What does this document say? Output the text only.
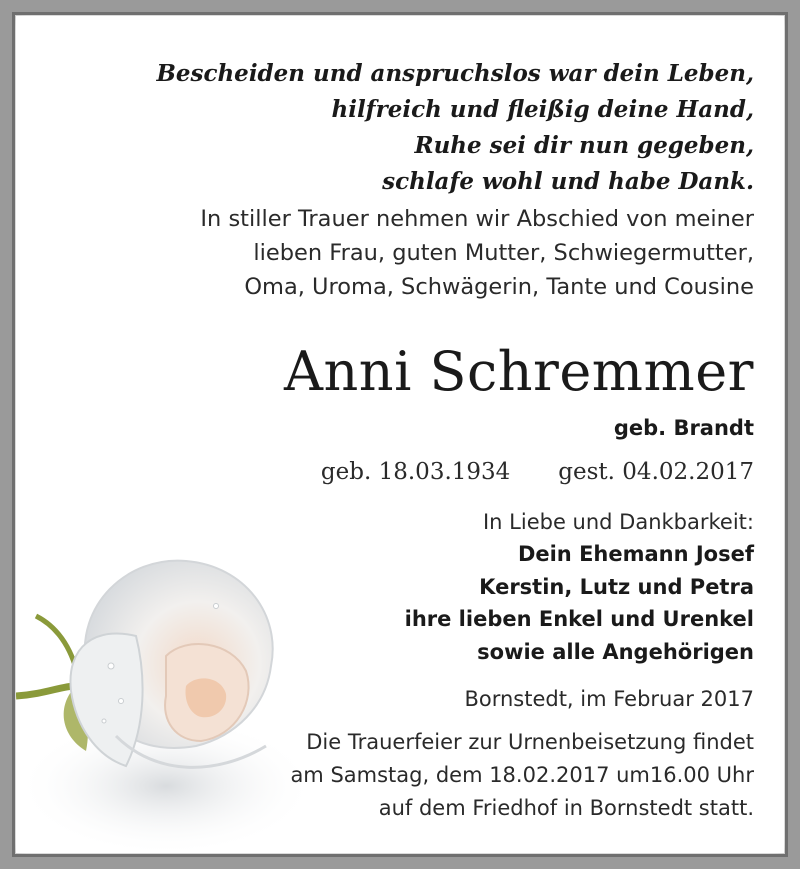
Bescheiden und anspruchslos war dein Leben,
hilfreich und fleißig deine Hand,
Ruhe sei dir nun gegeben,
schlafe wohl und habe Dank.
In stiller Trauer nehmen wir Abschied von meiner
lieben Frau, guten Mutter, Schwiegermutter,
Oma, Uroma, Schwägerin, Tante und Cousine
Anni Schremmer
geb. Brandt
geb. 18.03.1934 gest. 04.02.2017
In Liebe und Dankbarkeit:
Dein Ehemann Josef
Kerstin, Lutz und Petra
ihre lieben Enkel und Urenkel
sowie alle Angehörigen
Bornstedt, im Februar 2017
Die Trauerfeier zur Urnenbeisetzung findet
am Samstag, dem 18.02.2017 um16.00 Uhr
auf dem Friedhof in Bornstedt statt.
